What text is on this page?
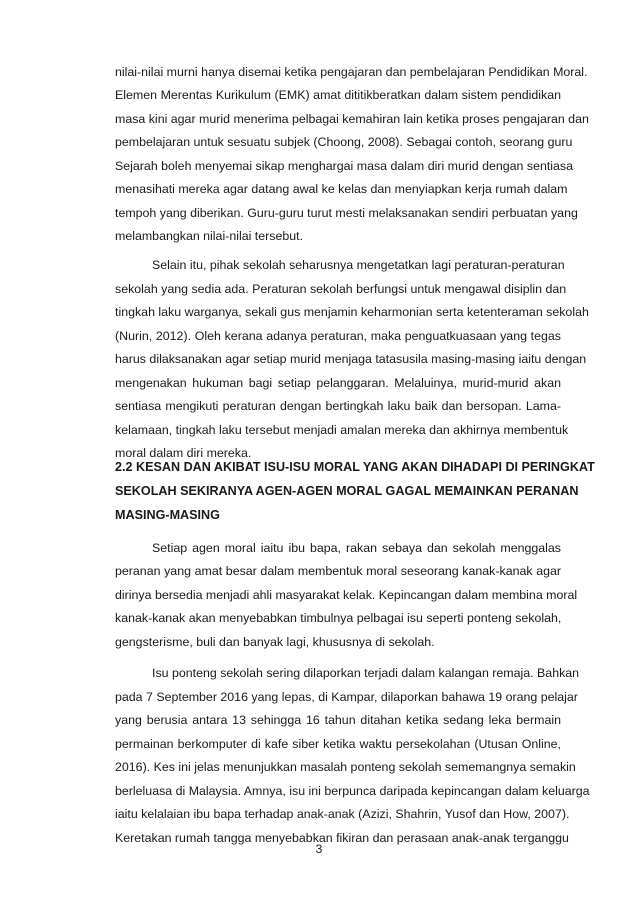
nilai-nilai murni hanya disemai ketika pengajaran dan pembelajaran Pendidikan Moral.
Elemen Merentas Kurikulum (EMK) amat dititikberatkan dalam sistem pendidikan
masa kini agar murid menerima pelbagai kemahiran lain ketika proses pengajaran dan
pembelajaran untuk sesuatu subjek (Choong, 2008). Sebagai contoh, seorang guru
Sejarah boleh menyemai sikap menghargai masa dalam diri murid dengan sentiasa
menasihati mereka agar datang awal ke kelas dan menyiapkan kerja rumah dalam
tempoh yang diberikan. Guru-guru turut mesti melaksanakan sendiri perbuatan yang
melambangkan nilai-nilai tersebut.
Selain itu, pihak sekolah seharusnya mengetatkan lagi peraturan-peraturan
sekolah yang sedia ada. Peraturan sekolah berfungsi untuk mengawal disiplin dan
tingkah laku warganya, sekali gus menjamin keharmonian serta ketenteraman sekolah
(Nurin, 2012). Oleh kerana adanya peraturan, maka penguatkuasaan yang tegas
harus dilaksanakan agar setiap murid menjaga tatasusila masing-masing iaitu dengan
mengenakan hukuman bagi setiap pelanggaran. Melaluinya, murid-murid akan
sentiasa mengikuti peraturan dengan bertingkah laku baik dan bersopan. Lama-
kelamaan, tingkah laku tersebut menjadi amalan mereka dan akhirnya membentuk
moral dalam diri mereka.
2.2 KESAN DAN AKIBAT ISU-ISU MORAL YANG AKAN DIHADAPI DI PERINGKAT
SEKOLAH SEKIRANYA AGEN-AGEN MORAL GAGAL MEMAINKAN PERANAN
MASING-MASING
Setiap agen moral iaitu ibu bapa, rakan sebaya dan sekolah menggalas
peranan yang amat besar dalam membentuk moral seseorang kanak-kanak agar
dirinya bersedia menjadi ahli masyarakat kelak. Kepincangan dalam membina moral
kanak-kanak akan menyebabkan timbulnya pelbagai isu seperti ponteng sekolah,
gengsterisme, buli dan banyak lagi, khususnya di sekolah.
Isu ponteng sekolah sering dilaporkan terjadi dalam kalangan remaja. Bahkan
pada 7 September 2016 yang lepas, di Kampar, dilaporkan bahawa 19 orang pelajar
yang berusia antara 13 sehingga 16 tahun ditahan ketika sedang leka bermain
permainan berkomputer di kafe siber ketika waktu persekolahan (Utusan Online,
2016). Kes ini jelas menunjukkan masalah ponteng sekolah sememangnya semakin
berleluasa di Malaysia. Amnya, isu ini berpunca daripada kepincangan dalam keluarga
iaitu kelalaian ibu bapa terhadap anak-anak (Azizi, Shahrin, Yusof dan How, 2007).
Keretakan rumah tangga menyebabkan fikiran dan perasaan anak-anak terganggu
3
